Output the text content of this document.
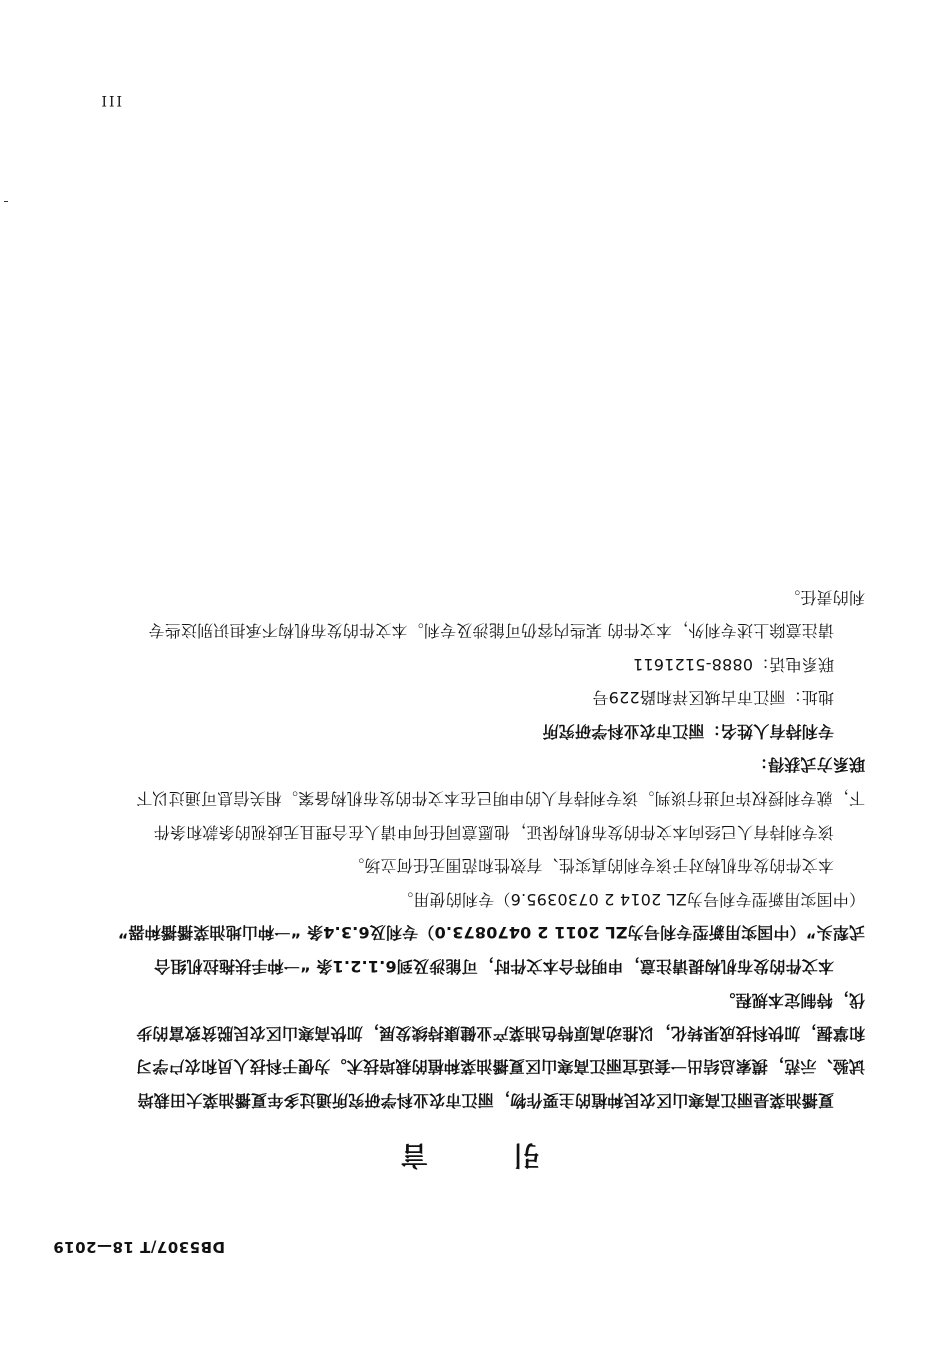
DB5307/T 18—2019
引 言
夏播油菜是丽江高寒山区农民种植的主要作物，丽江市农业科学研究所通过多年夏播油菜大田栽培
试验、示范，摸索总结出一套适宜丽江高寒山区夏播油菜种植的栽培技术。为便于科技人员和农户学习
和掌握，加快科技成果转化，以推动高原特色油菜产业健康持续发展，加快高寒山区农民脱贫致富的步
伐，特制定本规程。
本文件的发布机构提请注意，申明符合本文件时，可能涉及到6.1.2.1条 “一种手扶拖拉机组合
式犁头”（中国实用新型专利号为ZL 2011 2 0470873.0）专利及6.3.4条 “一种山地油菜播播种器”
（中国实用新型专利号为ZL 2014 2 0730395.6）专利的使用。
本文件的发布机构对于该专利的真实性、有效性和范围无任何立场。
该专利持有人已经向本文件的发布机构保证，他愿意同任何申请人在合理且无歧视的条款和条件
下，就专利授权许可进行谈判。该专利持有人的申明已在本文件的发布机构备案。相关信息可通过以下
联系方式获得：
专利持有人姓名：丽江市农业科学研究所
地址：丽江市古城区祥和路229号
联系电话：0888-5121611
请注意除上述专利外，本文件的 某些内容仍可能涉及专利。本文件的发布机构不承担识别这些专
利的责任。
III
